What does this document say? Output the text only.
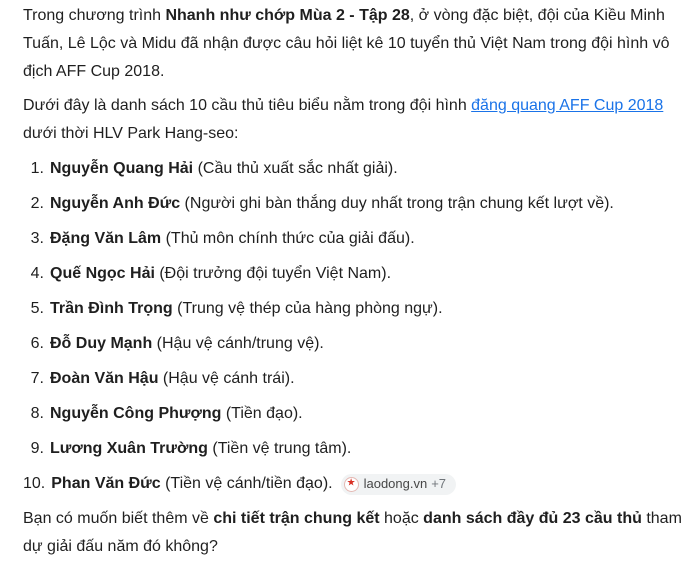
Trong chương trình Nhanh như chớp Mùa 2 - Tập 28, ở vòng đặc biệt, đội của Kiều Minh Tuấn, Lê Lộc và Midu đã nhận được câu hỏi liệt kê 10 tuyển thủ Việt Nam trong đội hình vô địch AFF Cup 2018.

Dưới đây là danh sách 10 cầu thủ tiêu biểu nằm trong đội hình đăng quang AFF Cup 2018 dưới thời HLV Park Hang-seo:

1. Nguyễn Quang Hải (Cầu thủ xuất sắc nhất giải).
2. Nguyễn Anh Đức (Người ghi bàn thắng duy nhất trong trận chung kết lượt về).
3. Đặng Văn Lâm (Thủ môn chính thức của giải đấu).
4. Quế Ngọc Hải (Đội trưởng đội tuyển Việt Nam).
5. Trần Đình Trọng (Trung vệ thép của hàng phòng ngự).
6. Đỗ Duy Mạnh (Hậu vệ cánh/trung vệ).
7. Đoàn Văn Hậu (Hậu vệ cánh trái).
8. Nguyễn Công Phượng (Tiền đạo).
9. Lương Xuân Trường (Tiền vệ trung tâm).
10. Phan Văn Đức (Tiền vệ cánh/tiền đạo). ★ laodong.vn +7

Bạn có muốn biết thêm về chi tiết trận chung kết hoặc danh sách đầy đủ 23 cầu thủ tham dự giải đấu năm đó không?
